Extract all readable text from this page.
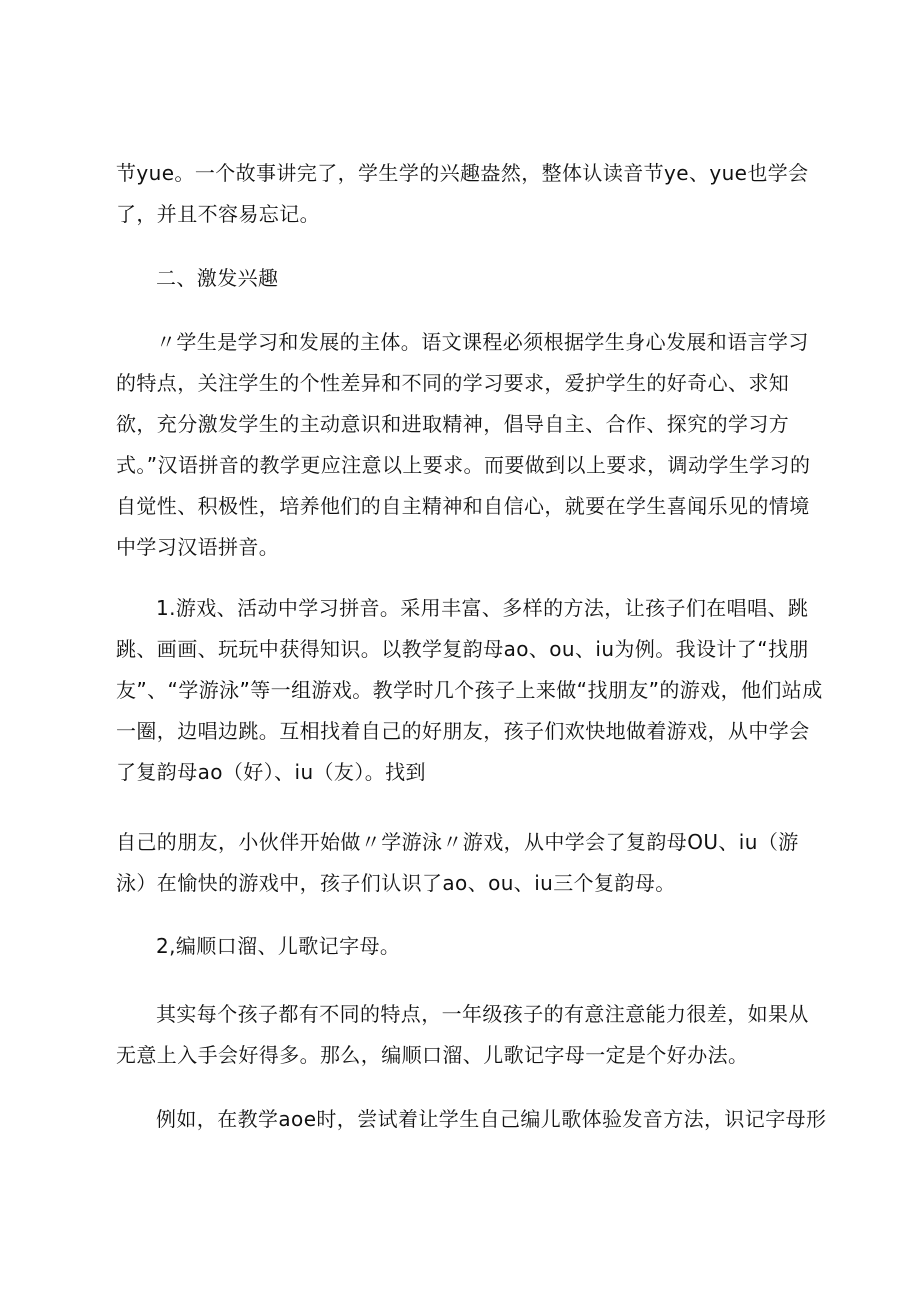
节yue。一个故事讲完了，学生学的兴趣盎然，整体认读音节ye、yue也学会了，并且不容易忘记。

二、激发兴趣

〃学生是学习和发展的主体。语文课程必须根据学生身心发展和语言学习的特点，关注学生的个性差异和不同的学习要求，爱护学生的好奇心、求知欲，充分激发学生的主动意识和进取精神，倡导自主、合作、探究的学习方式。”汉语拼音的教学更应注意以上要求。而要做到以上要求，调动学生学习的自觉性、积极性，培养他们的自主精神和自信心，就要在学生喜闻乐见的情境中学习汉语拼音。

1.游戏、活动中学习拼音。采用丰富、多样的方法，让孩子们在唱唱、跳跳、画画、玩玩中获得知识。以教学复韵母ao、ou、iu为例。我设计了“找朋友”、“学游泳”等一组游戏。教学时几个孩子上来做“找朋友”的游戏，他们站成一圈，边唱边跳。互相找着自己的好朋友，孩子们欢快地做着游戏，从中学会了复韵母ao（好）、iu（友）。找到

自己的朋友，小伙伴开始做〃学游泳〃游戏，从中学会了复韵母OU、iu（游泳）在愉快的游戏中，孩子们认识了ao、ou、iu三个复韵母。

2,编顺口溜、儿歌记字母。

其实每个孩子都有不同的特点，一年级孩子的有意注意能力很差，如果从无意上入手会好得多。那么，编顺口溜、儿歌记字母一定是个好办法。

例如，在教学aoe时，尝试着让学生自己编儿歌体验发音方法，识记字母形
